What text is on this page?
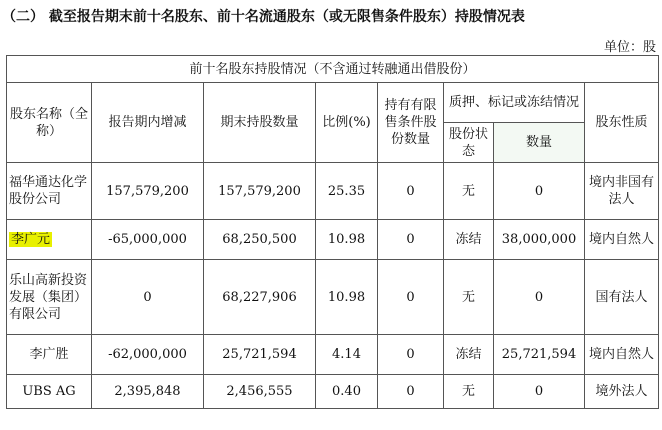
（二） 截至报告期末前十名股东、前十名流通股东（或无限售条件股东）持股情况表
单位：股
前十名股东持股情况（不含通过转融通出借股份）							
股东名称（全称）	报告期内增减	期末持股数量	比例(%)	持有有限售条件股份数量	质押、标记或冻结情况		股东性质
					股份状态	数量	
福华通达化学股份公司	157,579,200	157,579,200	25.35	0	无	0	境内非国有法人
李广元	-65,000,000	68,250,500	10.98	0	冻结	38,000,000	境内自然人
乐山高新投资发展（集团）有限公司	0	68,227,906	10.98	0	无	0	国有法人
李广胜	-62,000,000	25,721,594	4.14	0	冻结	25,721,594	境内自然人
UBS AG	2,395,848	2,456,555	0.40	0	无	0	境外法人
